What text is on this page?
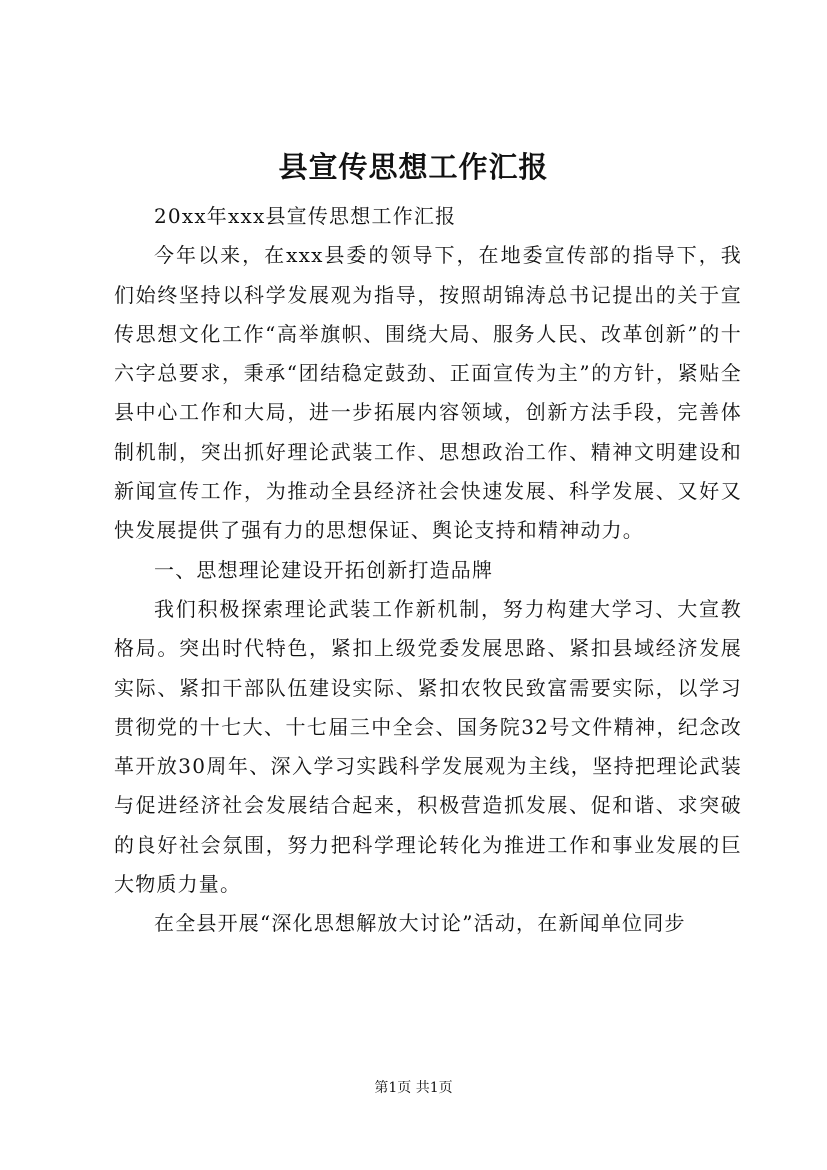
县宣传思想工作汇报

20xx年xxx县宣传思想工作汇报

今年以来，在xxx县委的领导下，在地委宣传部的指导下，我们始终坚持以科学发展观为指导，按照胡锦涛总书记提出的关于宣传思想文化工作“高举旗帜、围绕大局、服务人民、改革创新”的十六字总要求，秉承“团结稳定鼓劲、正面宣传为主”的方针，紧贴全县中心工作和大局，进一步拓展内容领域，创新方法手段，完善体制机制，突出抓好理论武装工作、思想政治工作、精神文明建设和新闻宣传工作，为推动全县经济社会快速发展、科学发展、又好又快发展提供了强有力的思想保证、舆论支持和精神动力。

一、思想理论建设开拓创新打造品牌

我们积极探索理论武装工作新机制，努力构建大学习、大宣教格局。突出时代特色，紧扣上级党委发展思路、紧扣县域经济发展实际、紧扣干部队伍建设实际、紧扣农牧民致富需要实际，以学习贯彻党的十七大、十七届三中全会、国务院32号文件精神，纪念改革开放30周年、深入学习实践科学发展观为主线，坚持把理论武装与促进经济社会发展结合起来，积极营造抓发展、促和谐、求突破的良好社会氛围，努力把科学理论转化为推进工作和事业发展的巨大物质力量。

在全县开展“深化思想解放大讨论”活动，在新闻单位同步

第1页 共1页
